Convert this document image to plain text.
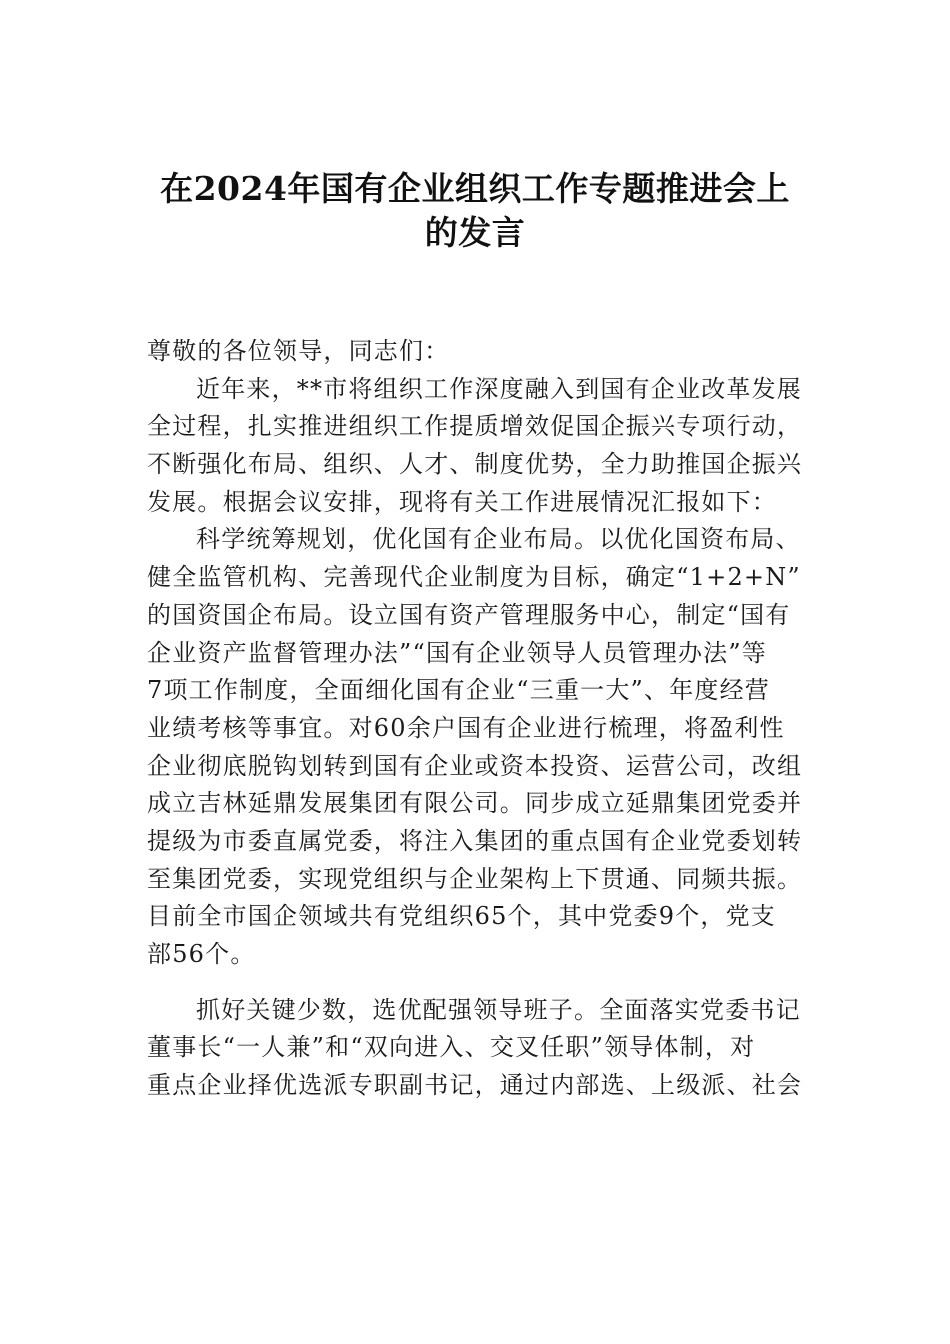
在2024年国有企业组织工作专题推进会上
的发言
尊敬的各位领导，同志们：
近年来，**市将组织工作深度融入到国有企业改革发展
全过程，扎实推进组织工作提质增效促国企振兴专项行动，
不断强化布局、组织、人才、制度优势，全力助推国企振兴
发展。根据会议安排，现将有关工作进展情况汇报如下：
科学统筹规划，优化国有企业布局。以优化国资布局、
健全监管机构、完善现代企业制度为目标，确定“1+2+N”
的国资国企布局。设立国有资产管理服务中心，制定“国有
企业资产监督管理办法”“国有企业领导人员管理办法”等
7项工作制度，全面细化国有企业“三重一大”、年度经营
业绩考核等事宜。对60余户国有企业进行梳理，将盈利性
企业彻底脱钩划转到国有企业或资本投资、运营公司，改组
成立吉林延鼎发展集团有限公司。同步成立延鼎集团党委并
提级为市委直属党委，将注入集团的重点国有企业党委划转
至集团党委，实现党组织与企业架构上下贯通、同频共振。
目前全市国企领域共有党组织65个，其中党委9个，党支
部56个。
抓好关键少数，选优配强领导班子。全面落实党委书记
董事长“一人兼”和“双向进入、交叉任职”领导体制，对
重点企业择优选派专职副书记，通过内部选、上级派、社会
